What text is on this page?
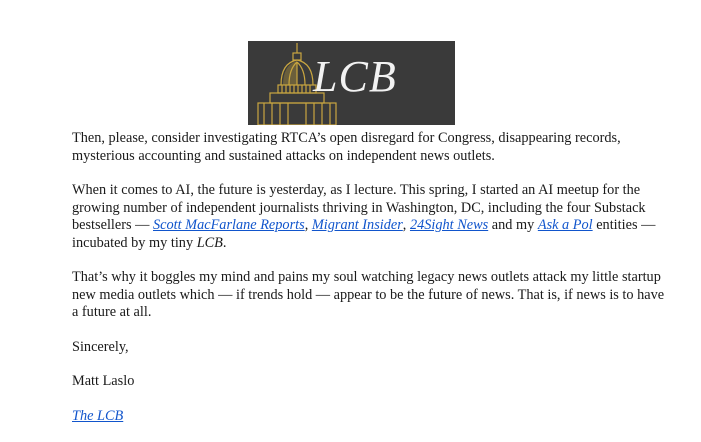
LCB

Then, please, consider investigating RTCA’s open disregard for Congress, disappearing records, mysterious accounting and sustained attacks on independent news outlets.

When it comes to AI, the future is yesterday, as I lecture. This spring, I started an AI meetup for the growing number of independent journalists thriving in Washington, DC, including the four Substack bestsellers — Scott MacFarlane Reports, Migrant Insider, 24Sight News and my Ask a Pol entities — incubated by my tiny LCB.

That’s why it boggles my mind and pains my soul watching legacy news outlets attack my little startup new media outlets which — if trends hold — appear to be the future of news. That is, if news is to have a future at all.

Sincerely,

Matt Laslo

The LCB
